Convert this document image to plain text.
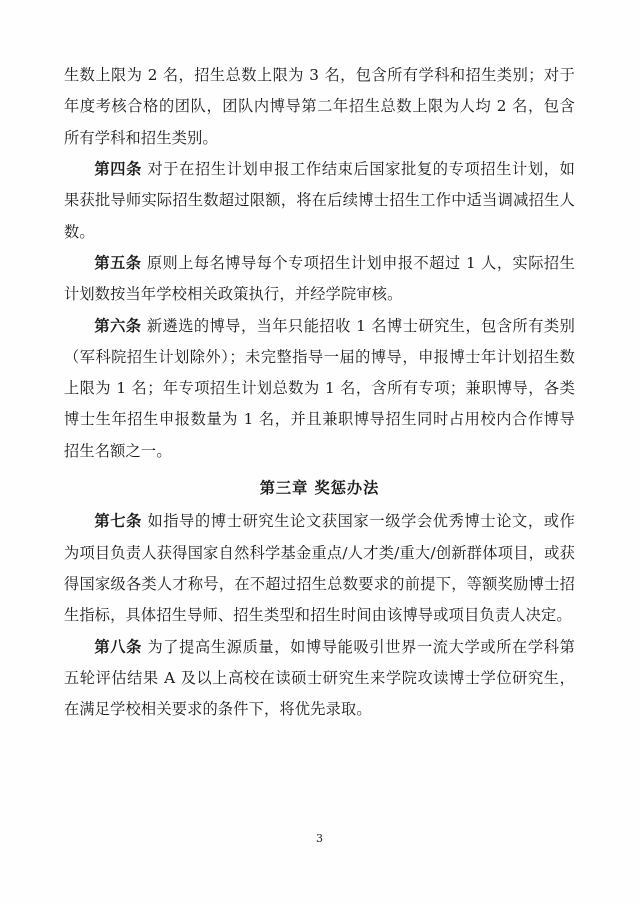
生数上限为 2 名，招生总数上限为 3 名，包含所有学科和招生类别；对于年度考核合格的团队，团队内博导第二年招生总数上限为人均 2 名，包含所有学科和招生类别。

第四条 对于在招生计划申报工作结束后国家批复的专项招生计划，如果获批导师实际招生数超过限额，将在后续博士招生工作中适当调减招生人数。

第五条 原则上每名博导每个专项招生计划申报不超过 1 人，实际招生计划数按当年学校相关政策执行，并经学院审核。

第六条 新遴选的博导，当年只能招收 1 名博士研究生，包含所有类别（军科院招生计划除外）；未完整指导一届的博导，申报博士年计划招生数上限为 1 名；年专项招生计划总数为 1 名，含所有专项；兼职博导，各类博士生年招生申报数量为 1 名，并且兼职博导招生同时占用校内合作博导招生名额之一。

第三章 奖惩办法

第七条 如指导的博士研究生论文获国家一级学会优秀博士论文，或作为项目负责人获得国家自然科学基金重点/人才类/重大/创新群体项目，或获得国家级各类人才称号，在不超过招生总数要求的前提下，等额奖励博士招生指标，具体招生导师、招生类型和招生时间由该博导或项目负责人决定。

第八条 为了提高生源质量，如博导能吸引世界一流大学或所在学科第五轮评估结果 A 及以上高校在读硕士研究生来学院攻读博士学位研究生，在满足学校相关要求的条件下，将优先录取。

3
